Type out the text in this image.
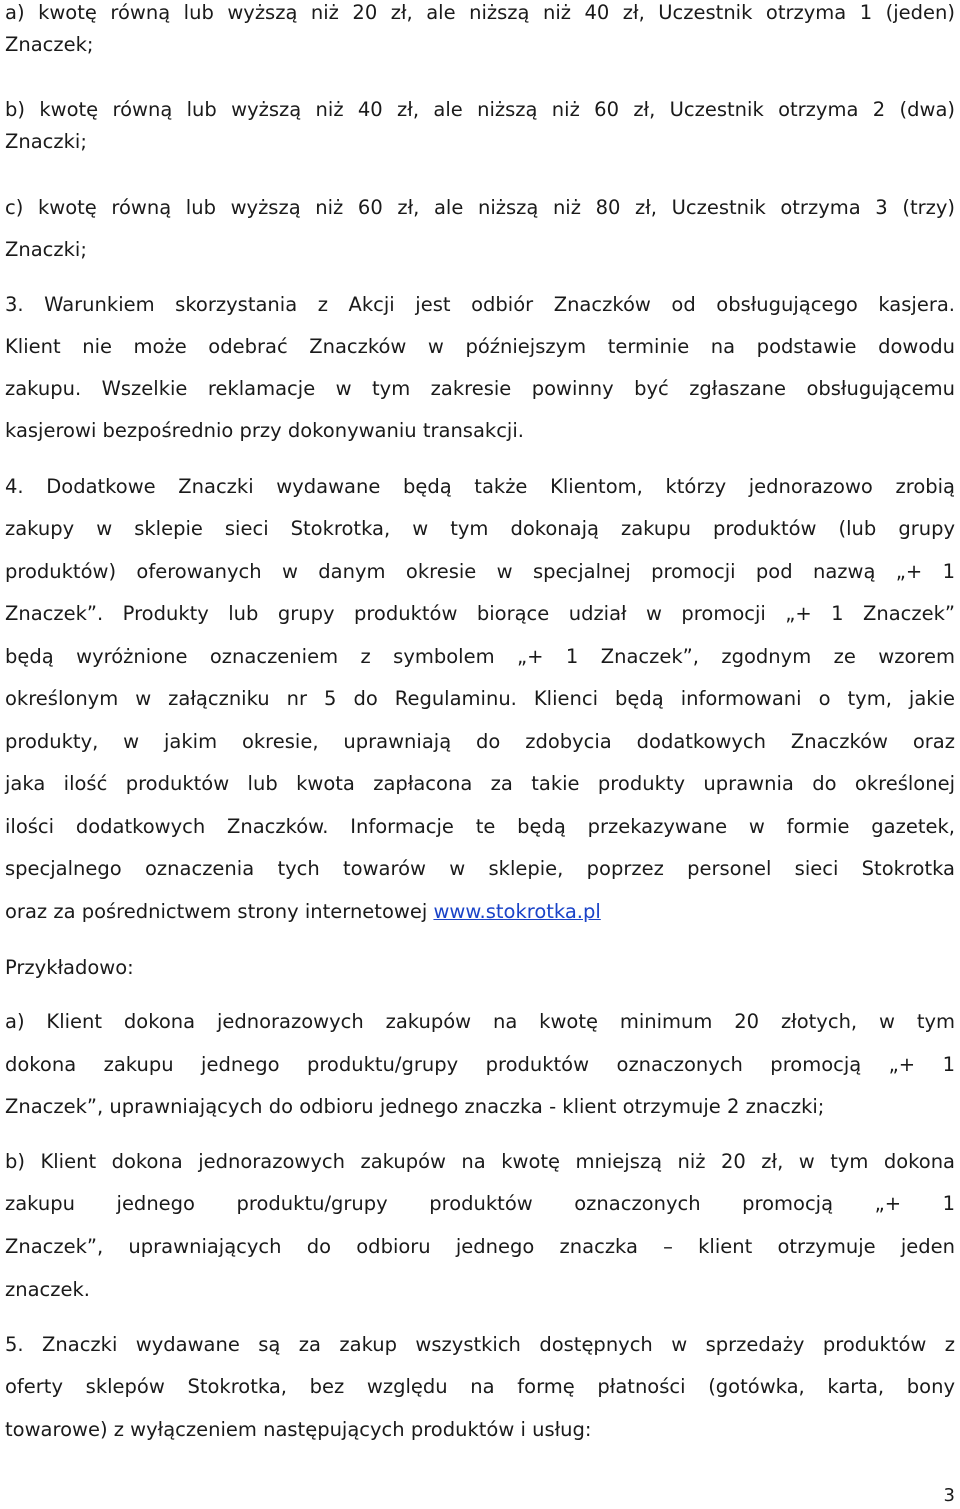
a) kwotę równą lub wyższą niż 20 zł, ale niższą niż 40 zł, Uczestnik otrzyma 1 (jeden)
Znaczek;
b) kwotę równą lub wyższą niż 40 zł, ale niższą niż 60 zł, Uczestnik otrzyma 2 (dwa)
Znaczki;
c) kwotę równą lub wyższą niż 60 zł, ale niższą niż 80 zł, Uczestnik otrzyma 3 (trzy)
Znaczki;
3. Warunkiem skorzystania z Akcji jest odbiór Znaczków od obsługującego kasjera.
Klient nie może odebrać Znaczków w późniejszym terminie na podstawie dowodu
zakupu. Wszelkie reklamacje w tym zakresie powinny być zgłaszane obsługującemu
kasjerowi bezpośrednio przy dokonywaniu transakcji.
4. Dodatkowe Znaczki wydawane będą także Klientom, którzy jednorazowo zrobią
zakupy w sklepie sieci Stokrotka, w tym dokonają zakupu produktów (lub grupy
produktów) oferowanych w danym okresie w specjalnej promocji pod nazwą „+ 1
Znaczek”. Produkty lub grupy produktów biorące udział w promocji „+ 1 Znaczek”
będą wyróżnione oznaczeniem z symbolem „+ 1 Znaczek”, zgodnym ze wzorem
określonym w załączniku nr 5 do Regulaminu. Klienci będą informowani o tym, jakie
produkty, w jakim okresie, uprawniają do zdobycia dodatkowych Znaczków oraz
jaka ilość produktów lub kwota zapłacona za takie produkty uprawnia do określonej
ilości dodatkowych Znaczków. Informacje te będą przekazywane w formie gazetek,
specjalnego oznaczenia tych towarów w sklepie, poprzez personel sieci Stokrotka
oraz za pośrednictwem strony internetowej www.stokrotka.pl
Przykładowo:
a) Klient dokona jednorazowych zakupów na kwotę minimum 20 złotych, w tym
dokona zakupu jednego produktu/grupy produktów oznaczonych promocją „+ 1
Znaczek”, uprawniających do odbioru jednego znaczka - klient otrzymuje 2 znaczki;
b) Klient dokona jednorazowych zakupów na kwotę mniejszą niż 20 zł, w tym dokona
zakupu jednego produktu/grupy produktów oznaczonych promocją „+ 1
Znaczek”, uprawniających do odbioru jednego znaczka – klient otrzymuje jeden
znaczek.
5. Znaczki wydawane są za zakup wszystkich dostępnych w sprzedaży produktów z
oferty sklepów Stokrotka, bez względu na formę płatności (gotówka, karta, bony
towarowe) z wyłączeniem następujących produktów i usług:
3
